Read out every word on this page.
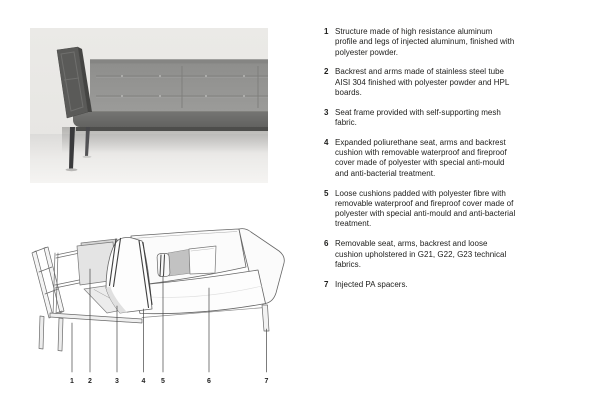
1 2	3	4 5	6	7
1 Structure made of high resistance aluminum profile and legs of injected aluminum, finished with polyester powder.

2 Backrest and arms made of stainless steel tube AISI 304 finished with polyester powder and HPL boards.

3 Seat frame provided with self-supporting mesh fabric.

4 Expanded poliurethane seat, arms and backrest cushion with removable waterproof and fireproof cover made of polyester with special anti-mould and anti-bacterial treatment.

5 Loose cushions padded with polyester fibre with removable waterproof and fireproof cover made of polyester with special anti-mould and anti-bacterial treatment.

6 Removable seat, arms, backrest and loose cushion upholstered in G21, G22, G23 technical fabrics.

7 Injected PA spacers.
